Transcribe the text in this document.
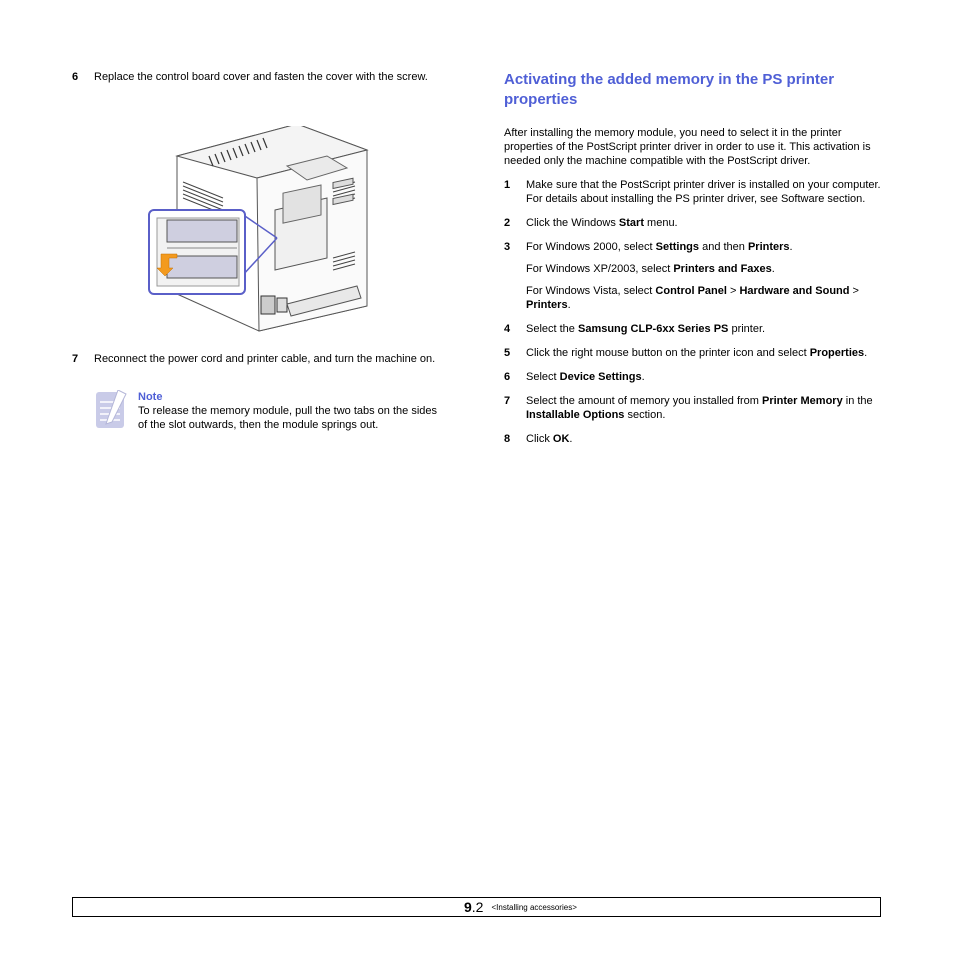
6 Replace the control board cover and fasten the cover with the screw.
7 Reconnect the power cord and printer cable, and turn the machine on.
Note
To release the memory module, pull the two tabs on the sides of the slot outwards, then the module springs out.
Activating the added memory in the PS printer properties
After installing the memory module, you need to select it in the printer properties of the PostScript printer driver in order to use it. This activation is needed only the machine compatible with the PostScript driver.
1 Make sure that the PostScript printer driver is installed on your computer. For details about installing the PS printer driver, see Software section.
2 Click the Windows Start menu.
3 For Windows 2000, select Settings and then Printers.
For Windows XP/2003, select Printers and Faxes.
For Windows Vista, select Control Panel > Hardware and Sound > Printers.
4 Select the Samsung CLP-6xx Series PS printer.
5 Click the right mouse button on the printer icon and select Properties.
6 Select Device Settings.
7 Select the amount of memory you installed from Printer Memory in the Installable Options section.
8 Click OK.
9.2 <Installing accessories>
